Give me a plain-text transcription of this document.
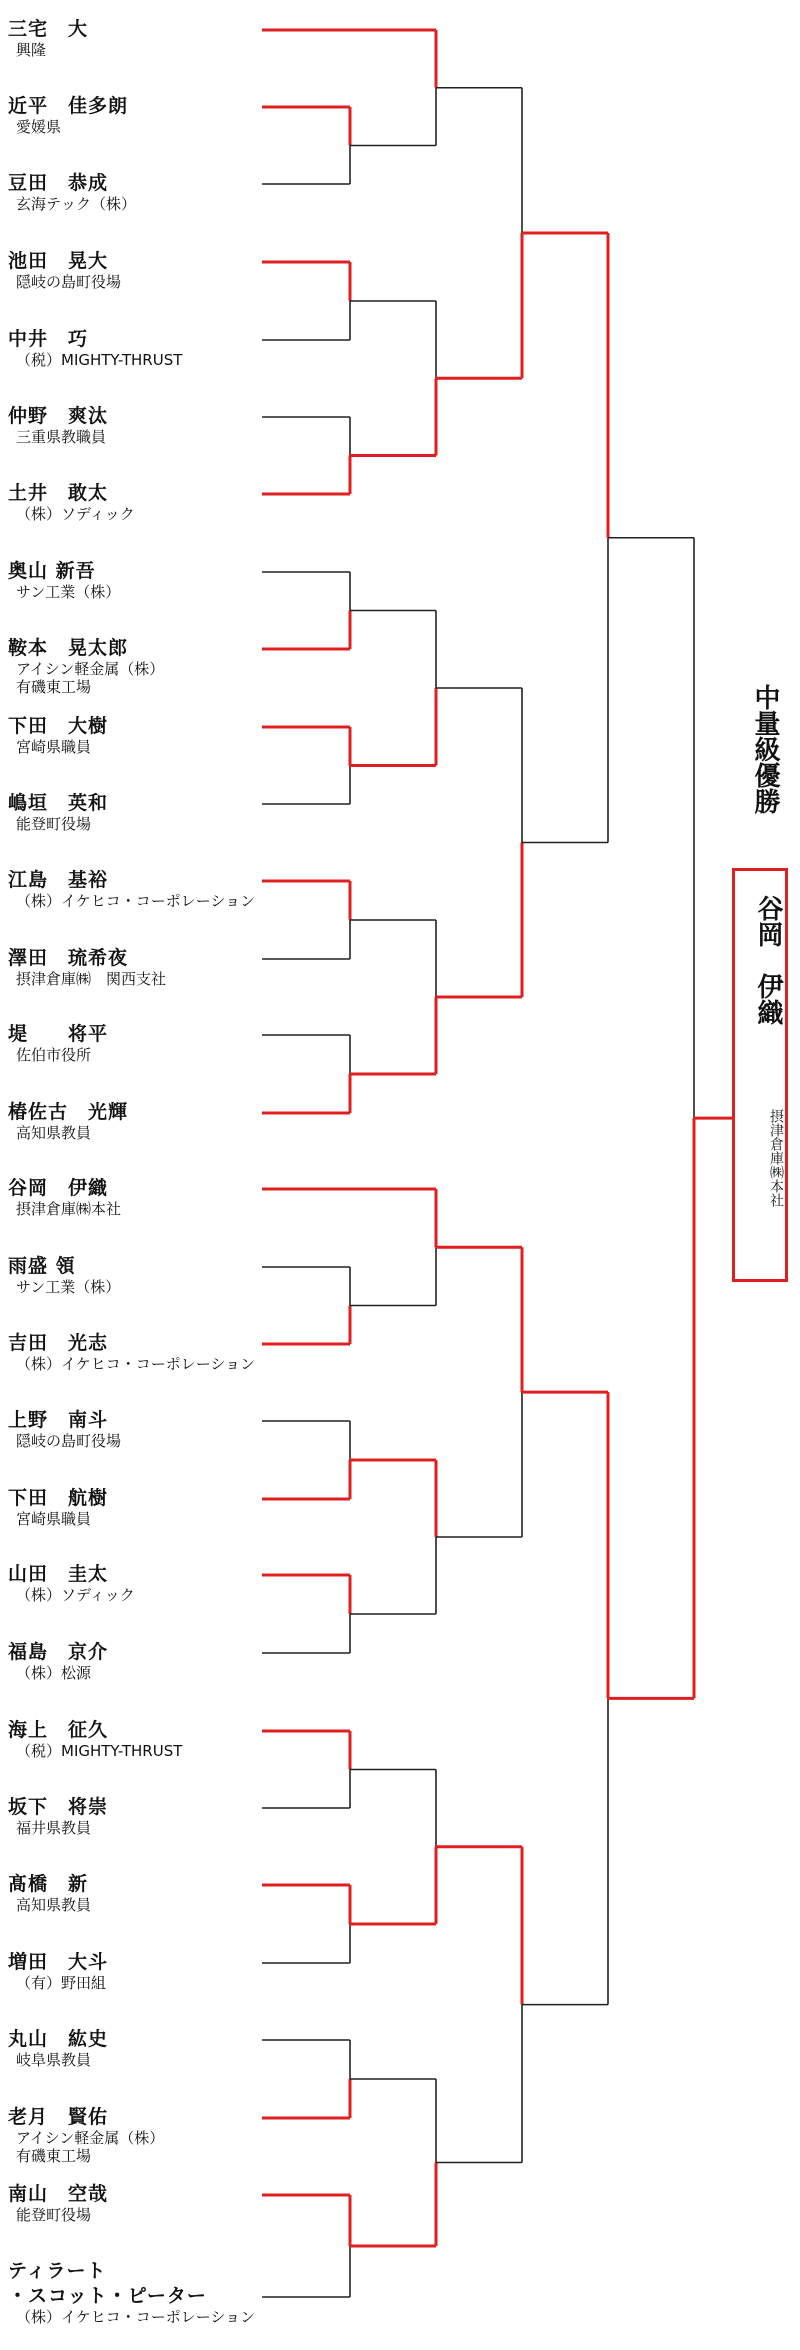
三宅　大
興隆
近平　佳多朗
愛媛県
豆田　恭成
玄海テック（株）
池田　晃大
隠岐の島町役場
中井　巧
（税）MIGHTY-THRUST
仲野　爽汰
三重県教職員
土井　敢太
（株）ソディック
奥山 新吾
サン工業（株）
鞍本　晃太郎
アイシン軽金属（株）
有磯東工場
下田　大樹
宮崎県職員
嶋垣　英和
能登町役場
江島　基裕
（株）イケヒコ・コーポレーション
澤田　琉希夜
摂津倉庫㈱　関西支社
堤　　将平
佐伯市役所
椿佐古　光輝
高知県教員
谷岡　伊織
摂津倉庫㈱本社
雨盛 領
サン工業（株）
吉田　光志
（株）イケヒコ・コーポレーション
上野　南斗
隠岐の島町役場
下田　航樹
宮崎県職員
山田　圭太
（株）ソディック
福島　京介
（株）松源
海上　征久
（税）MIGHTY-THRUST
坂下　将崇
福井県教員
髙橋　新
高知県教員
増田　大斗
（有）野田組
丸山　紘史
岐阜県教員
老月　賢佑
アイシン軽金属（株）
有磯東工場
南山　空哉
能登町役場
ティラート
・スコット・ピーター
（株）イケヒコ・コーポレーション
中量級優勝
谷岡　伊織
摂津倉庫㈱本社
